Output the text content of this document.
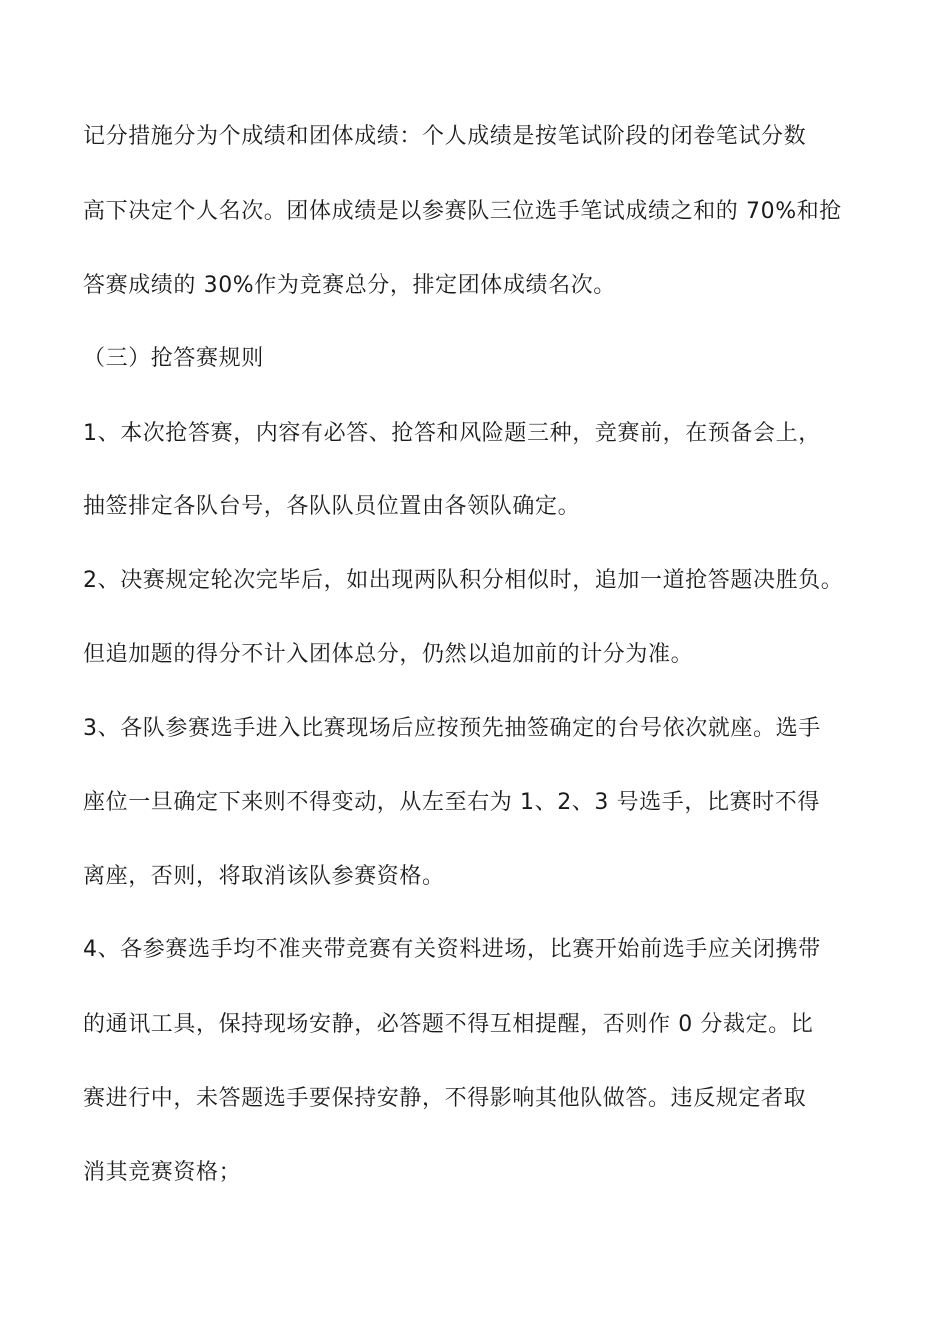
记分措施分为个成绩和团体成绩：个人成绩是按笔试阶段的闭卷笔试分数

高下决定个人名次。团体成绩是以参赛队三位选手笔试成绩之和的 70%和抢

答赛成绩的 30%作为竞赛总分，排定团体成绩名次。

（三）抢答赛规则

1、本次抢答赛，内容有必答、抢答和风险题三种，竞赛前，在预备会上，

抽签排定各队台号，各队队员位置由各领队确定。

2、决赛规定轮次完毕后，如出现两队积分相似时，追加一道抢答题决胜负。

但追加题的得分不计入团体总分，仍然以追加前的计分为准。

3、各队参赛选手进入比赛现场后应按预先抽签确定的台号依次就座。选手

座位一旦确定下来则不得变动，从左至右为 1、2、3 号选手，比赛时不得

离座，否则，将取消该队参赛资格。

4、各参赛选手均不准夹带竞赛有关资料进场，比赛开始前选手应关闭携带

的通讯工具，保持现场安静，必答题不得互相提醒，否则作 0 分裁定。比

赛进行中，未答题选手要保持安静，不得影响其他队做答。违反规定者取

消其竞赛资格；
